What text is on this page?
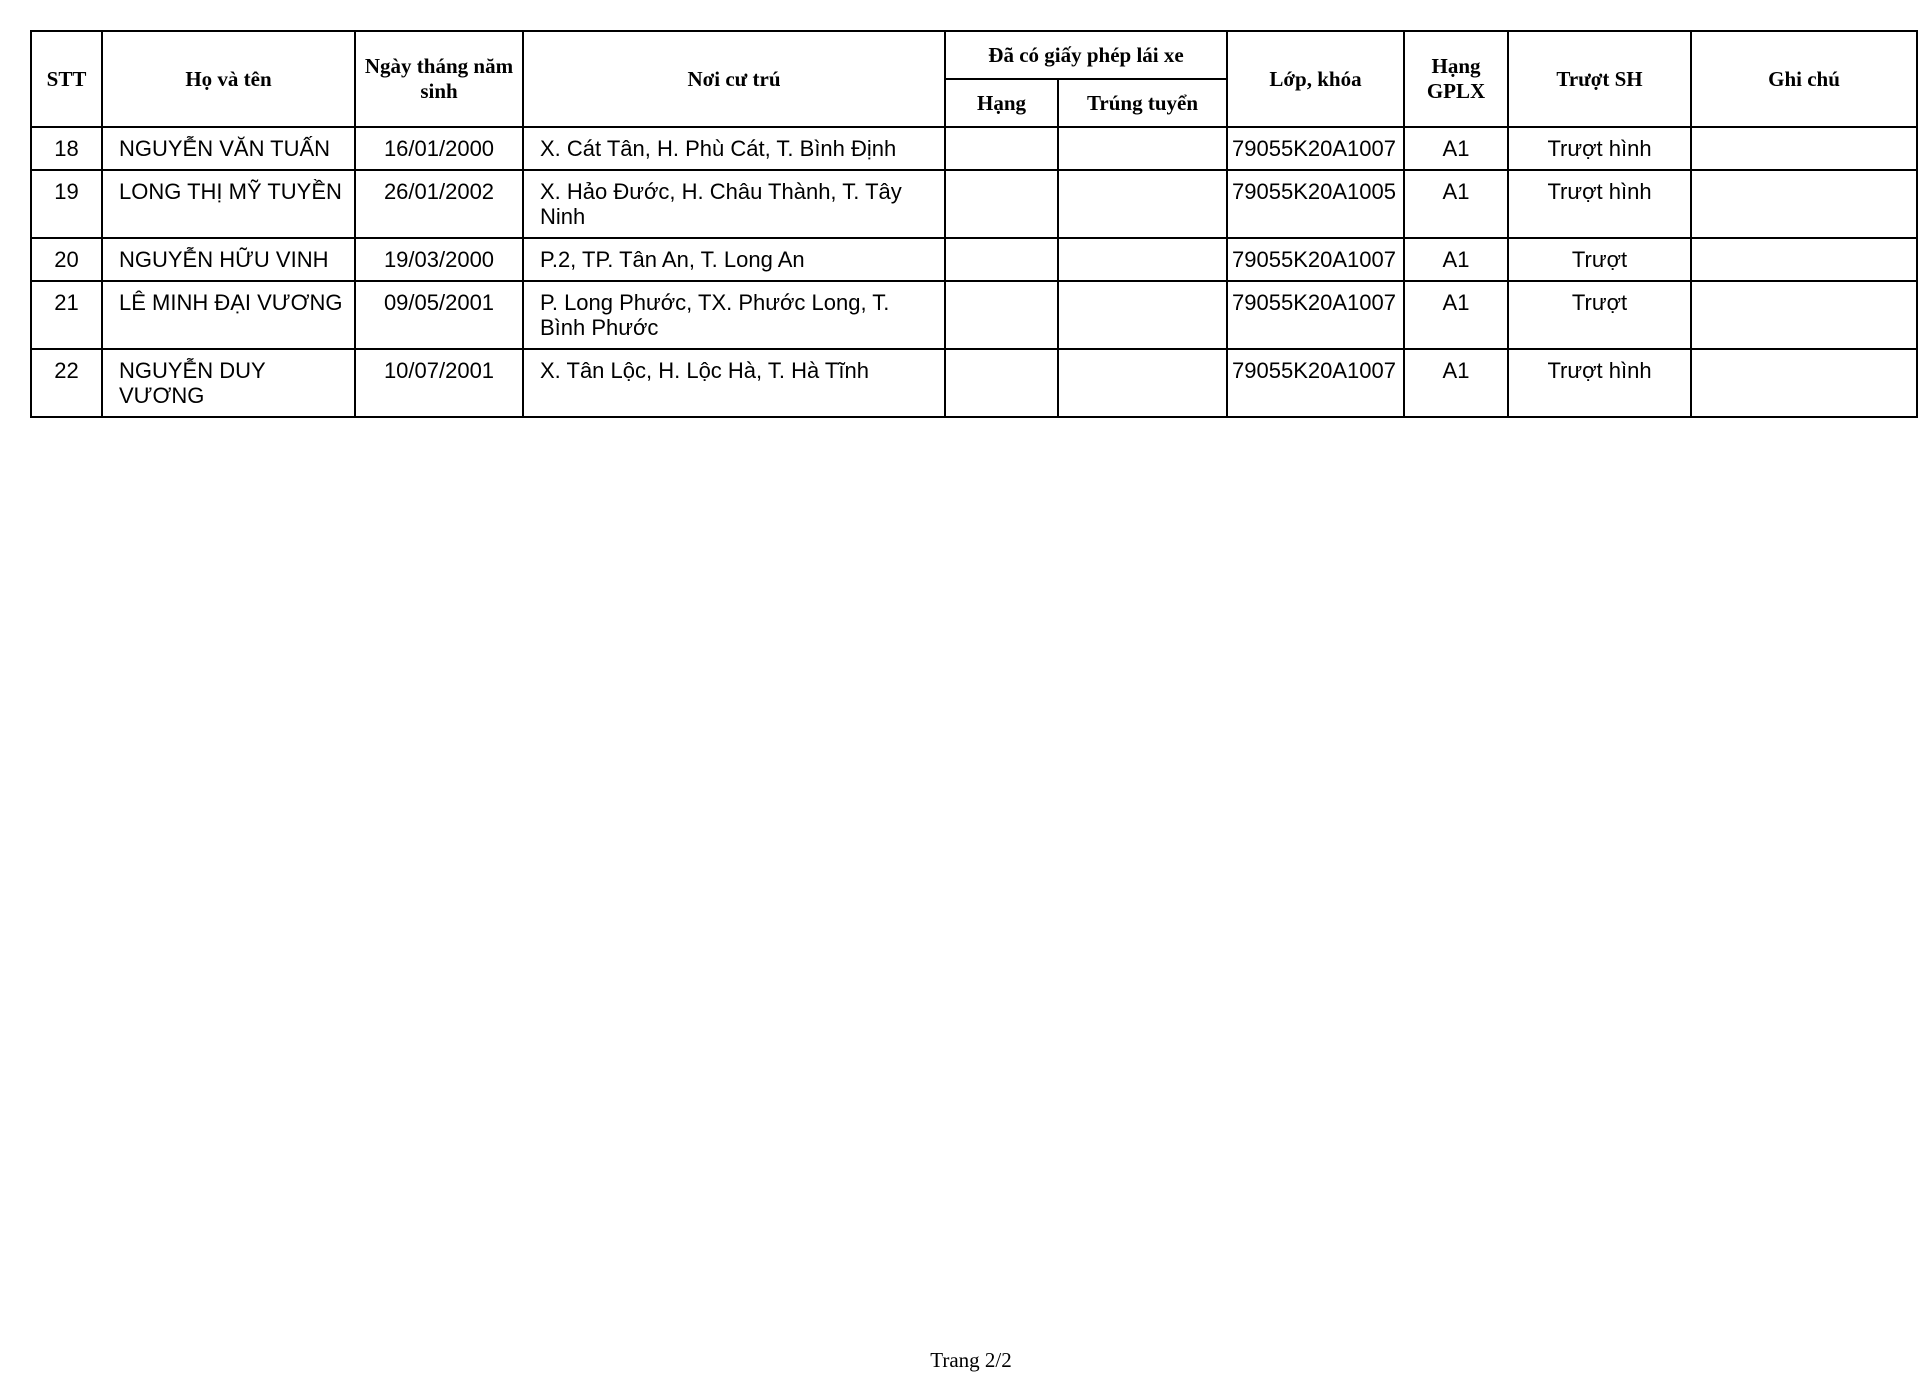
STT	Họ và tên	Ngày tháng năm sinh	Nơi cư trú	Đã có giấy phép lái xe		Lớp, khóa	Hạng GPLX	Trượt SH	Ghi chú
				Hạng	Trúng tuyển				
18	NGUYỄN VĂN TUẤN	16/01/2000	X. Cát Tân, H. Phù Cát, T. Bình Định			79055K20A1007	A1	Trượt hình	
19	LONG THỊ MỸ TUYỀN	26/01/2002	X. Hảo Đước, H. Châu Thành, T. Tây Ninh			79055K20A1005	A1	Trượt hình	
20	NGUYỄN HỮU VINH	19/03/2000	P.2, TP. Tân An, T. Long An			79055K20A1007	A1	Trượt	
21	LÊ MINH ĐẠI VƯƠNG	09/05/2001	P. Long Phước, TX. Phước Long, T. Bình Phước			79055K20A1007	A1	Trượt	
22	NGUYỄN DUY VƯƠNG	10/07/2001	X. Tân Lộc, H. Lộc Hà, T. Hà Tĩnh			79055K20A1007	A1	Trượt hình	
Trang 2/2
